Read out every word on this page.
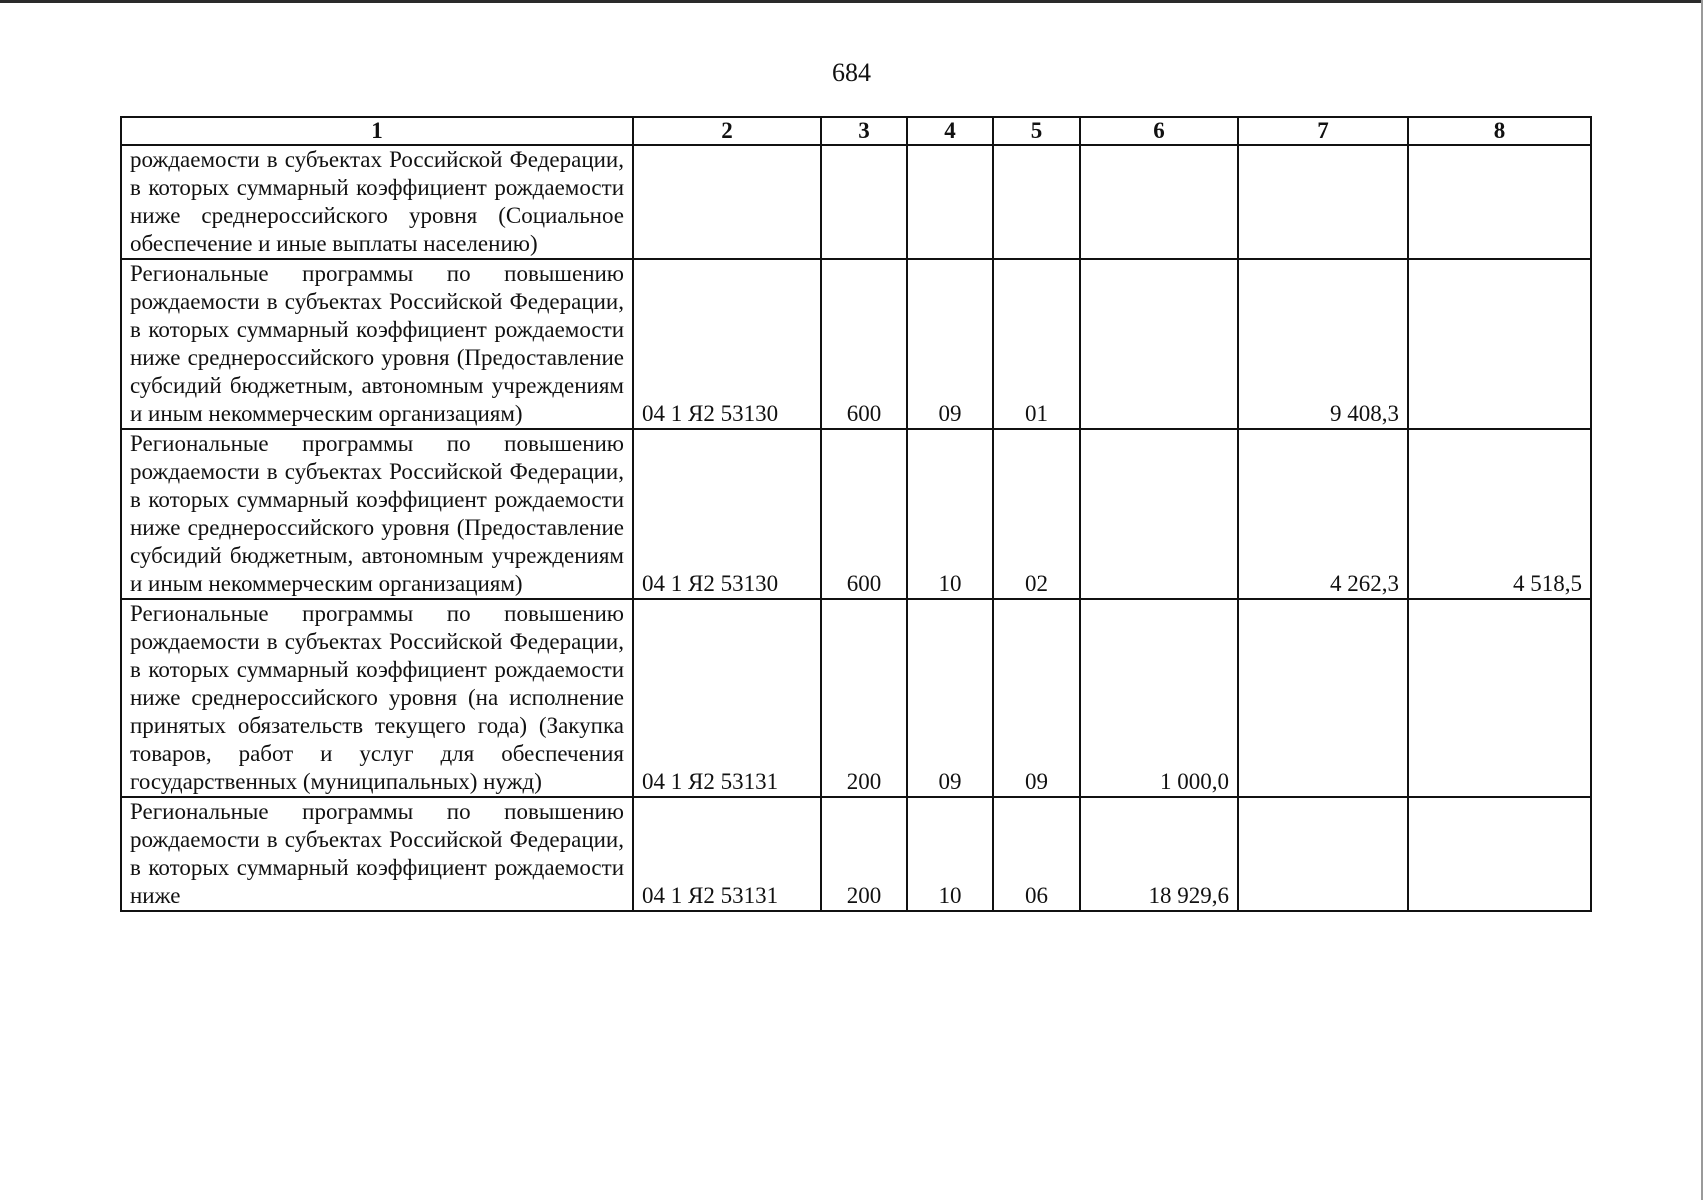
684
1	2	3	4	5	6	7	8
рождаемости в субъектах Российской Федерации, в которых суммарный коэффициент рождаемости ниже среднероссийского уровня (Социальное обеспечение и иные выплаты населению)							
Региональные программы по повышению рождаемости в субъектах Российской Федерации, в которых суммарный коэффициент рождаемости ниже среднероссийского уровня (Предоставление субсидий бюджетным, автономным учреждениям и иным некоммерческим организациям)	04 1 Я2 53130	600	09	01		9 408,3	
Региональные программы по повышению рождаемости в субъектах Российской Федерации, в которых суммарный коэффициент рождаемости ниже среднероссийского уровня (Предоставление субсидий бюджетным, автономным учреждениям и иным некоммерческим организациям)	04 1 Я2 53130	600	10	02		4 262,3	4 518,5
Региональные программы по повышению рождаемости в субъектах Российской Федерации, в которых суммарный коэффициент рождаемости ниже среднероссийского уровня (на исполнение принятых обязательств текущего года) (Закупка товаров, работ и услуг для обеспечения государственных (муниципальных) нужд)	04 1 Я2 53131	200	09	09	1 000,0		
Региональные программы по повышению рождаемости в субъектах Российской Федерации, в которых суммарный коэффициент рождаемости ниже	04 1 Я2 53131	200	10	06	18 929,6		
